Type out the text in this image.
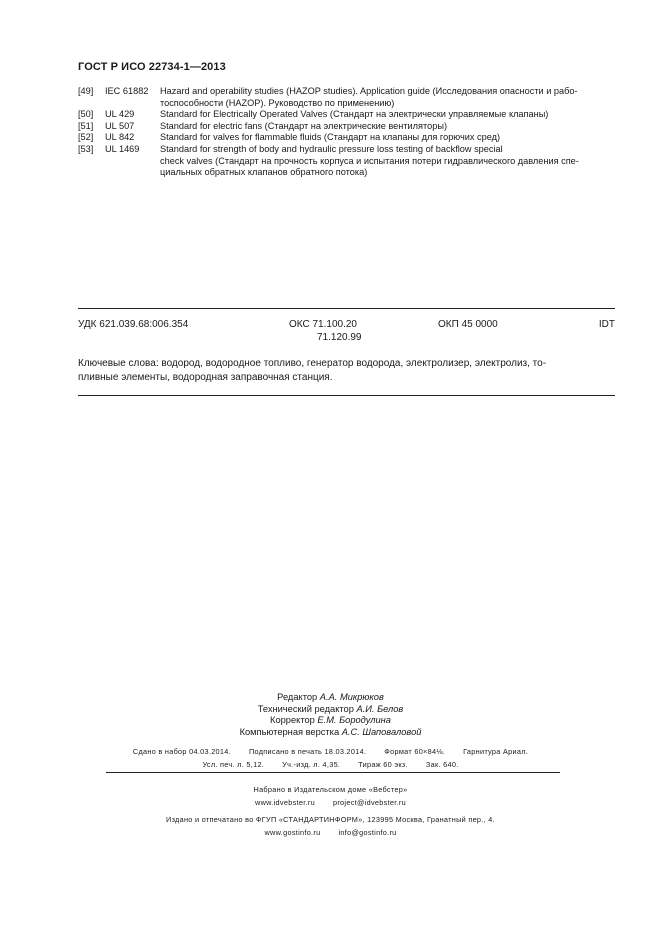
ГОСТ Р ИСО 22734-1—2013
[49]	IEC 61882	Hazard and operability studies (HAZOP studies). Application guide (Исследования опасности и рабо-
тоспособности (HAZOP). Руководство по применению)
[50]	UL 429	Standard for Electrically Operated Valves (Стандарт на электрически управляемые клапаны)
[51]	UL 507	Standard for electric fans (Стандарт на электрические вентиляторы)
[52]	UL 842	Standard for valves for flammable fluids (Стандарт на клапаны для горючих сред)
[53]	UL 1469	Standard for strength of body and hydraulic pressure loss testing of backflow special
check valves (Стандарт на прочность корпуса и испытания потери гидравлического давления спе-
циальных обратных клапанов обратного потока)
УДК 621.039.68:006.354	ОКС 71.100.20
71.120.99
ОКП 45 0000	IDT
Ключевые слова: водород, водородное топливо, генератор водорода, электролизер, электролиз, то-
пливные элементы, водородная заправочная станция.
Редактор А.А. Микрюков
Технический редактор А.И. Белов
Корректор Е.М. Бородулина
Компьютерная верстка А.С. Шаповаловой
Сдано в набор 04.03.2014. Подписано в печать 18.03.2014. Формат 60×84⅛. Гарнитура Ариал.
Усл. печ. л. 5,12. Уч.-изд. л. 4,35. Тираж 60 экз. Зак. 640.
Набрано в Издательском доме «Вебстер»
www.idvebster.ru project@idvebster.ru
Издано и отпечатано во ФГУП «СТАНДАРТИНФОРМ», 123995 Москва, Гранатный пер., 4.
www.gostinfo.ru info@gostinfo.ru
